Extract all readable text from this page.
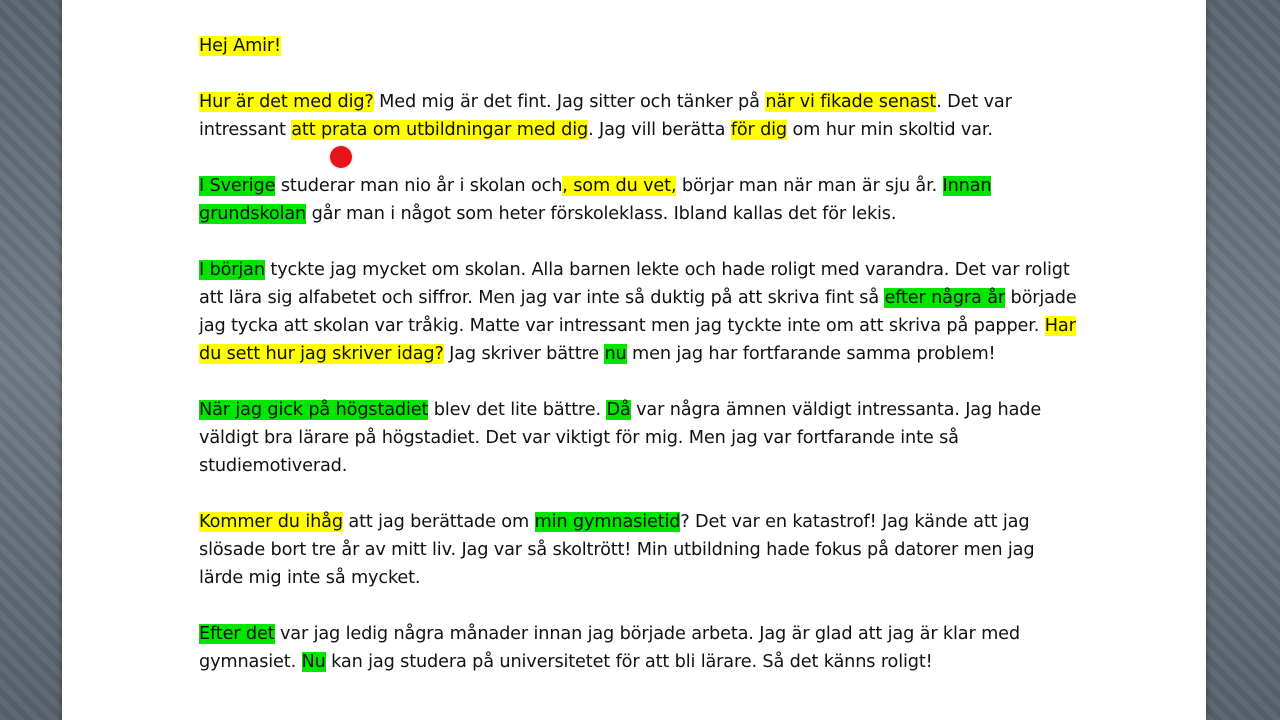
Hej Amir!

Hur är det med dig? Med mig är det fint. Jag sitter och tänker på när vi fikade senast. Det var intressant att prata om utbildningar med dig. Jag vill berätta för dig om hur min skoltid var.

I Sverige studerar man nio år i skolan och, som du vet, börjar man när man är sju år. Innan grundskolan går man i något som heter förskoleklass. Ibland kallas det för lekis.

I början tyckte jag mycket om skolan. Alla barnen lekte och hade roligt med varandra. Det var roligt att lära sig alfabetet och siffror. Men jag var inte så duktig på att skriva fint så efter några år började jag tycka att skolan var tråkig. Matte var intressant men jag tyckte inte om att skriva på papper. Har du sett hur jag skriver idag? Jag skriver bättre nu men jag har fortfarande samma problem!

När jag gick på högstadiet blev det lite bättre. Då var några ämnen väldigt intressanta. Jag hade väldigt bra lärare på högstadiet. Det var viktigt för mig. Men jag var fortfarande inte så studiemotiverad.

Kommer du ihåg att jag berättade om min gymnasietid? Det var en katastrof! Jag kände att jag slösade bort tre år av mitt liv. Jag var så skoltrött! Min utbildning hade fokus på datorer men jag lärde mig inte så mycket.

Efter det var jag ledig några månader innan jag började arbeta. Jag är glad att jag är klar med gymnasiet. Nu kan jag studera på universitetet för att bli lärare. Så det känns roligt!
